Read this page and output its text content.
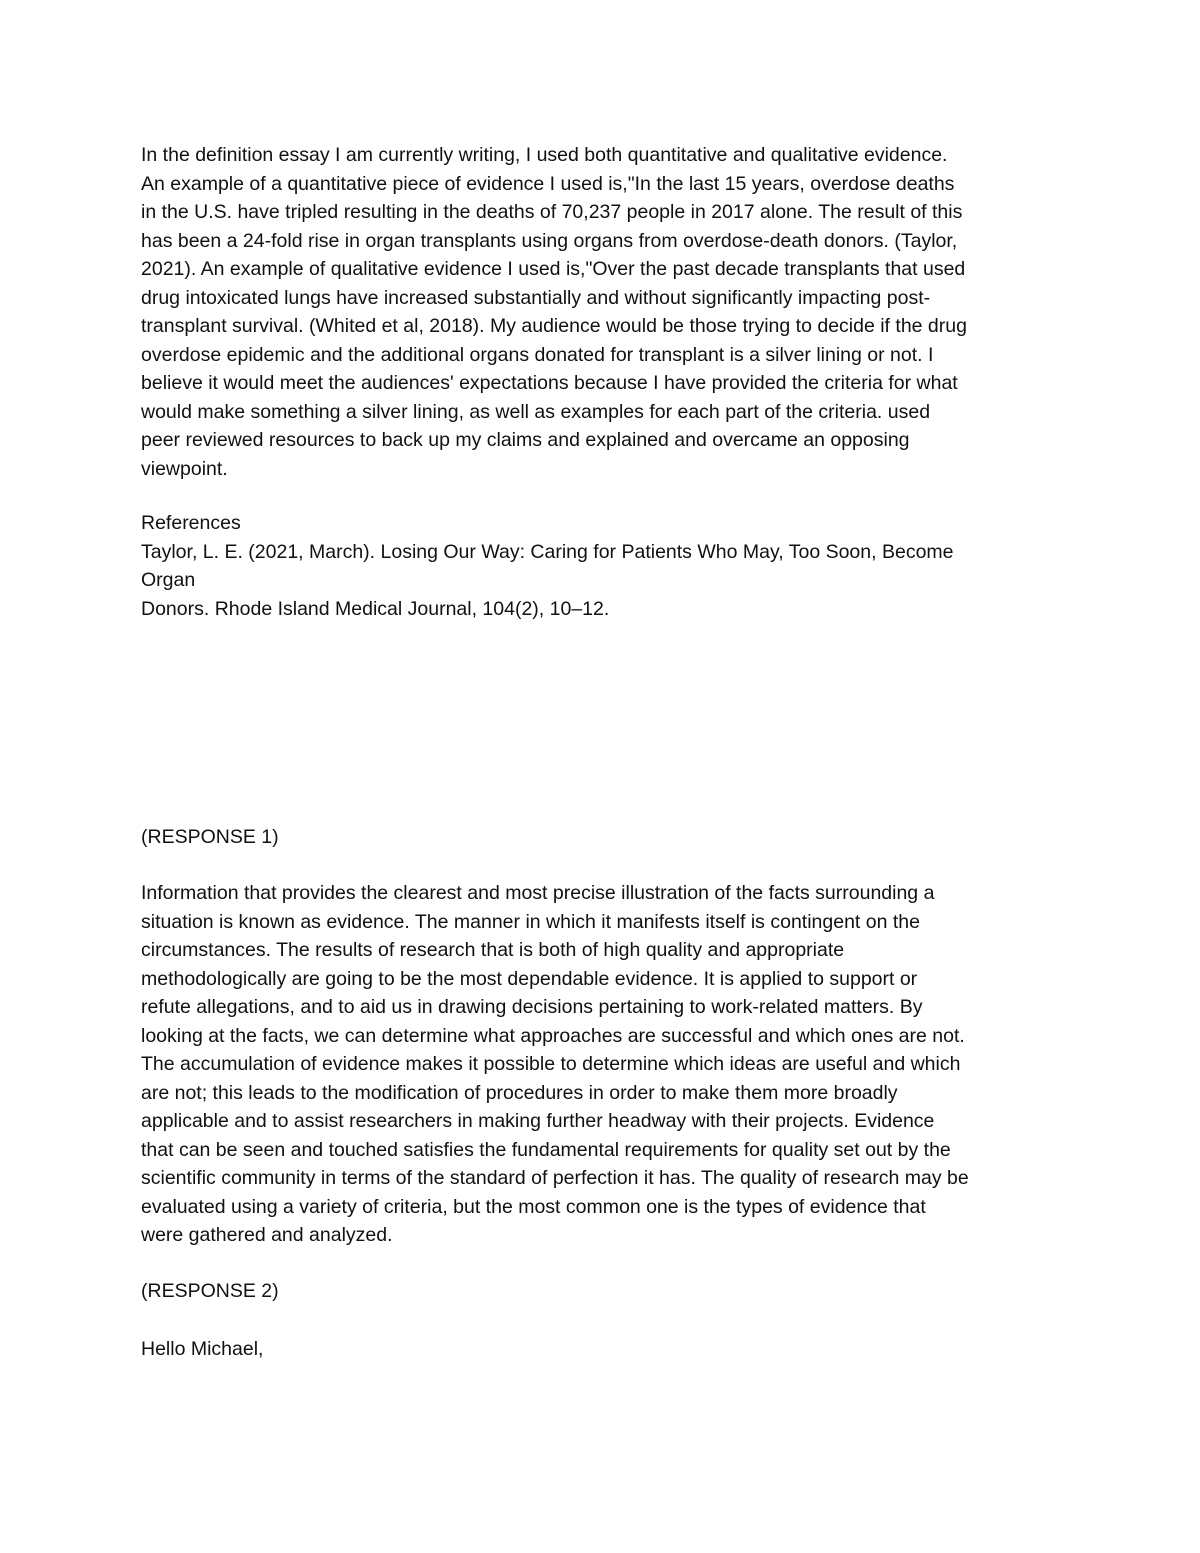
In the definition essay I am currently writing, I used both quantitative and qualitative evidence.
An example of a quantitative piece of evidence I used is,"In the last 15 years, overdose deaths
in the U.S. have tripled resulting in the deaths of 70,237 people in 2017 alone. The result of this
has been a 24-fold rise in organ transplants using organs from overdose-death donors. (Taylor,
2021). An example of qualitative evidence I used is,"Over the past decade transplants that used
drug intoxicated lungs have increased substantially and without significantly impacting post-
transplant survival. (Whited et al, 2018). My audience would be those trying to decide if the drug
overdose epidemic and the additional organs donated for transplant is a silver lining or not. I
believe it would meet the audiences' expectations because I have provided the criteria for what
would make something a silver lining, as well as examples for each part of the criteria. used
peer reviewed resources to back up my claims and explained and overcame an opposing
viewpoint.
References
Taylor, L. E. (2021, March). Losing Our Way: Caring for Patients Who May, Too Soon, Become
Organ
Donors. Rhode Island Medical Journal, 104(2), 10–12.
(RESPONSE 1)
Information that provides the clearest and most precise illustration of the facts surrounding a
situation is known as evidence. The manner in which it manifests itself is contingent on the
circumstances. The results of research that is both of high quality and appropriate
methodologically are going to be the most dependable evidence. It is applied to support or
refute allegations, and to aid us in drawing decisions pertaining to work-related matters. By
looking at the facts, we can determine what approaches are successful and which ones are not.
The accumulation of evidence makes it possible to determine which ideas are useful and which
are not; this leads to the modification of procedures in order to make them more broadly
applicable and to assist researchers in making further headway with their projects. Evidence
that can be seen and touched satisfies the fundamental requirements for quality set out by the
scientific community in terms of the standard of perfection it has. The quality of research may be
evaluated using a variety of criteria, but the most common one is the types of evidence that
were gathered and analyzed.
(RESPONSE 2)
Hello Michael,
